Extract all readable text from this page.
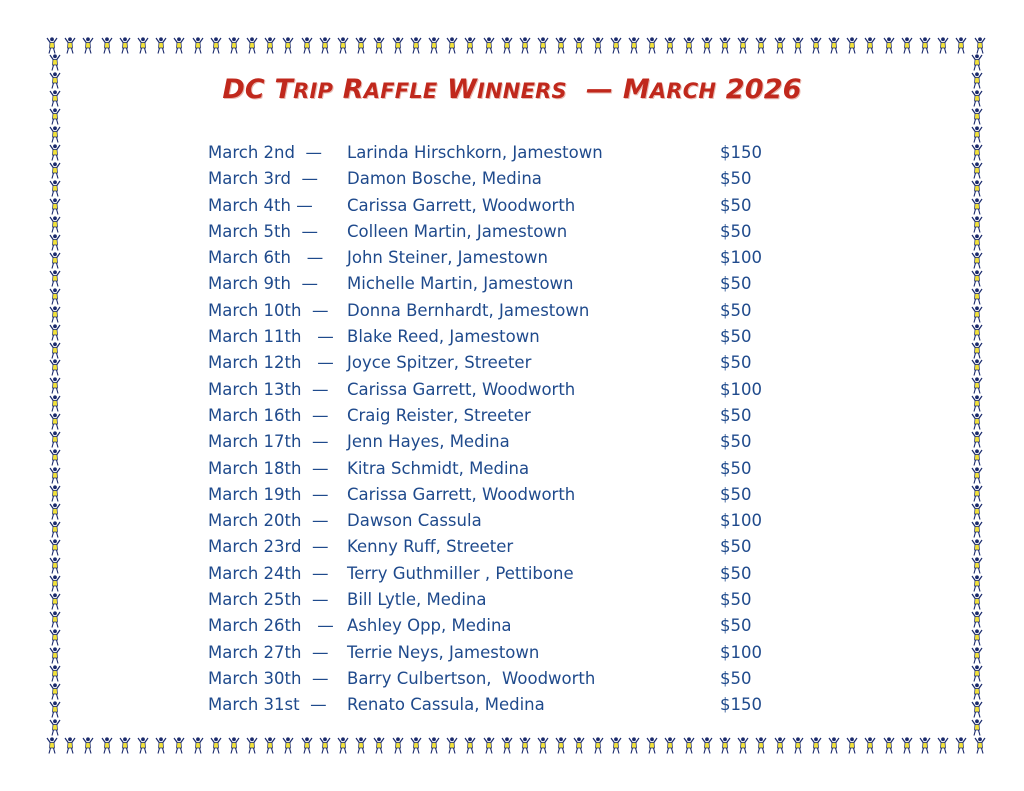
DC TRIP RAFFLE WINNERS  — MARCH 2026
March 2nd  — Larinda Hirschkorn, Jamestown	$150
March 3rd  — Damon Bosche, Medina	$50
March 4th — Carissa Garrett, Woodworth	$50
March 5th  — Colleen Martin, Jamestown	$50
March 6th   — John Steiner, Jamestown	$100
March 9th  — Michelle Martin, Jamestown	$50
March 10th  — Donna Bernhardt, Jamestown	$50
March 11th   — Blake Reed, Jamestown	$50
March 12th   — Joyce Spitzer, Streeter	$50
March 13th  — Carissa Garrett, Woodworth	$100
March 16th  — Craig Reister, Streeter	$50
March 17th  — Jenn Hayes, Medina	$50
March 18th  — Kitra Schmidt, Medina	$50
March 19th  — Carissa Garrett, Woodworth	$50
March 20th  — Dawson Cassula	$100
March 23rd  — Kenny Ruff, Streeter	$50
March 24th  — Terry Guthmiller , Pettibone	$50
March 25th  — Bill Lytle, Medina	$50
March 26th   — Ashley Opp, Medina	$50
March 27th  — Terrie Neys, Jamestown	$100
March 30th  — Barry Culbertson,  Woodworth	$50
March 31st  — Renato Cassula, Medina	$150
